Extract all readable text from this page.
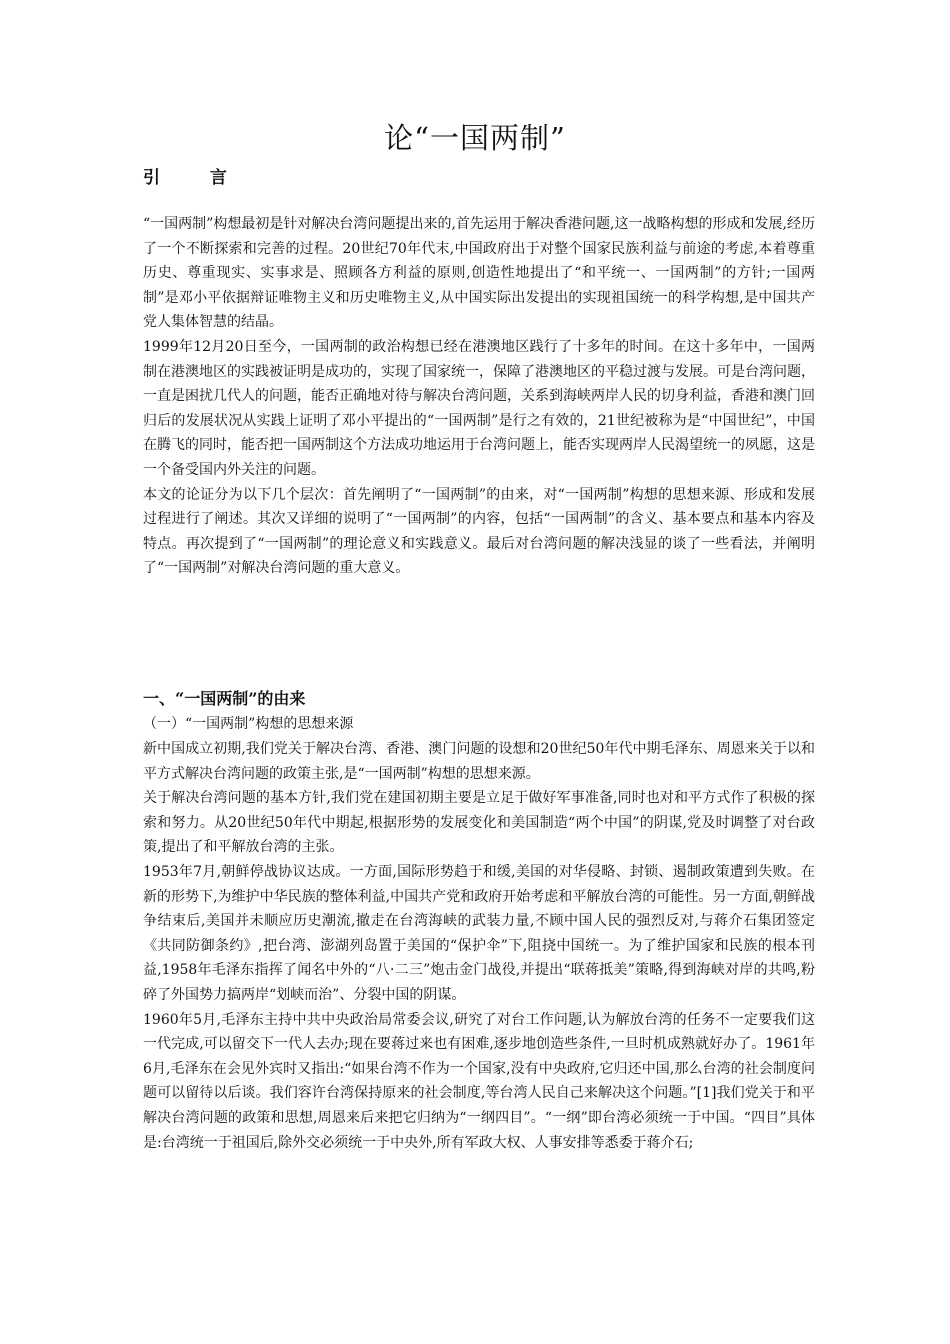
论“一国两制”
引 言

“一国两制”构想最初是针对解决台湾问题提出来的,首先运用于解决香港问题,这一战略构想的形成和发展,经历了一个不断探索和完善的过程。20世纪70年代末,中国政府出于对整个国家民族利益与前途的考虑,本着尊重历史、尊重现实、实事求是、照顾各方利益的原则,创造性地提出了“和平统一、一国两制”的方针;一国两制”是邓小平依据辩证唯物主义和历史唯物主义,从中国实际出发提出的实现祖国统一的科学构想,是中国共产党人集体智慧的结晶。

1999年12月20日至今，一国两制的政治构想已经在港澳地区践行了十多年的时间。在这十多年中，一国两制在港澳地区的实践被证明是成功的，实现了国家统一，保障了港澳地区的平稳过渡与发展。可是台湾问题，一直是困扰几代人的问题，能否正确地对待与解决台湾问题，关系到海峡两岸人民的切身利益，香港和澳门回归后的发展状况从实践上证明了邓小平提出的“一国两制”是行之有效的，21世纪被称为是“中国世纪”，中国在腾飞的同时，能否把一国两制这个方法成功地运用于台湾问题上，能否实现两岸人民渴望统一的夙愿，这是一个备受国内外关注的问题。

本文的论证分为以下几个层次：首先阐明了“一国两制”的由来，对“一国两制”构想的思想来源、形成和发展过程进行了阐述。其次又详细的说明了“一国两制”的内容，包括“一国两制”的含义、基本要点和基本内容及特点。再次提到了“一国两制”的理论意义和实践意义。最后对台湾问题的解决浅显的谈了一些看法，并阐明了“一国两制”对解决台湾问题的重大意义。

一、“一国两制”的由来
（一）“一国两制”构想的思想来源

新中国成立初期,我们党关于解决台湾、香港、澳门问题的设想和20世纪50年代中期毛泽东、周恩来关于以和平方式解决台湾问题的政策主张,是“一国两制”构想的思想来源。

关于解决台湾问题的基本方针,我们党在建国初期主要是立足于做好军事准备,同时也对和平方式作了积极的探索和努力。从20世纪50年代中期起,根据形势的发展变化和美国制造“两个中国”的阴谋,党及时调整了对台政策,提出了和平解放台湾的主张。

1953年7月,朝鲜停战协议达成。一方面,国际形势趋于和缓,美国的对华侵略、封锁、遏制政策遭到失败。在新的形势下,为维护中华民族的整体利益,中国共产党和政府开始考虑和平解放台湾的可能性。另一方面,朝鲜战争结束后,美国并未顺应历史潮流,撤走在台湾海峡的武装力量,不顾中国人民的强烈反对,与蒋介石集团签定《共同防御条约》,把台湾、澎湖列岛置于美国的“保护伞”下,阻挠中国统一。为了维护国家和民族的根本刊益,1958年毛泽东指挥了闻名中外的“八·二三”炮击金门战役,并提出“联蒋抵美”策略,得到海峡对岸的共鸣,粉碎了外国势力搞两岸“划峡而治”、分裂中国的阴谋。

1960年5月,毛泽东主持中共中央政治局常委会议,研究了对台工作问题,认为解放台湾的任务不一定要我们这一代完成,可以留交下一代人去办;现在要蒋过来也有困难,逐步地创造些条件,一旦时机成熟就好办了。1961年6月,毛泽东在会见外宾时又指出:“如果台湾不作为一个国家,没有中央政府,它归还中国,那么台湾的社会制度问题可以留待以后谈。我们容许台湾保持原来的社会制度,等台湾人民自己来解决这个问题。”[1]我们党关于和平解决台湾问题的政策和思想,周恩来后来把它归纳为“一纲四目”。“一纲”即台湾必须统一于中国。“四目”具体是:台湾统一于祖国后,除外交必须统一于中央外,所有军政大权、人事安排等悉委于蒋介石;
